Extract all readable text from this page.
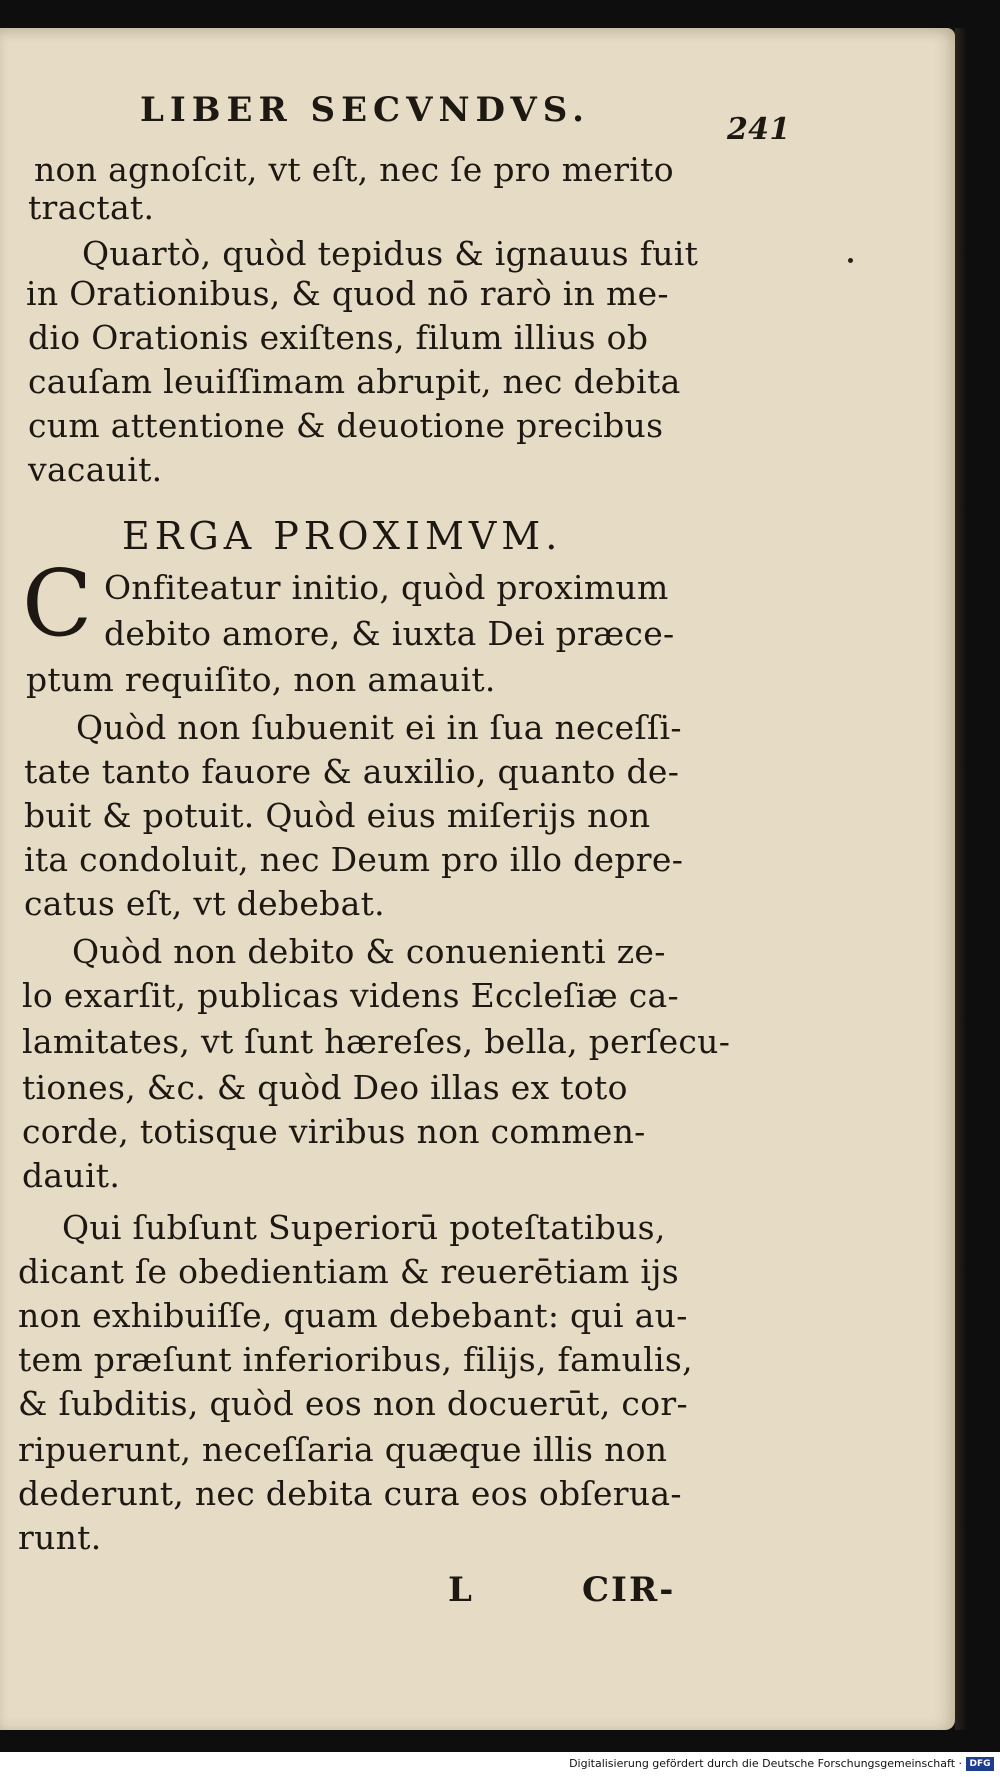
LIBER SECVNDVS.	241

non agnoſcit, vt eſt, nec ſe pro merito

tractat.

Quartò, quòd tepidus & ignauus fuit

in Orationibus, & quod nō rarò in me-

dio Orationis exiſtens, filum illius ob

cauſam leuiſſimam abrupit, nec debita

cum attentione & deuotione precibus

vacauit.

ERGA PROXIMVM.

C Onfiteatur initio, quòd proximum

debito amore, & iuxta Dei præce-

ptum requiſito, non amauit.

Quòd non ſubuenit ei in ſua neceſſi-

tate tanto fauore & auxilio, quanto de-

buit & potuit. Quòd eius miſerijs non

ita condoluit, nec Deum pro illo depre-

catus eſt, vt debebat.

Quòd non debito & conuenienti ze-

lo exarſit, publicas videns Eccleſiæ ca-

lamitates, vt ſunt hæreſes, bella, perſecu-

tiones, &c. & quòd Deo illas ex toto

corde, totisque viribus non commen-

dauit.

Qui ſubſunt Superiorū poteſtatibus,

dicant ſe obedientiam & reuerētiam ijs

non exhibuiſſe, quam debebant: qui au-

tem præſunt inferioribus, filijs, famulis,

& ſubditis, quòd eos non docuerūt, cor-

ripuerunt, neceſſaria quæque illis non

dederunt, nec debita cura eos obſerua-

runt.

L	CIR-

Digitalisierung gefördert durch die Deutsche Forschungsgemeinschaft · DFG
